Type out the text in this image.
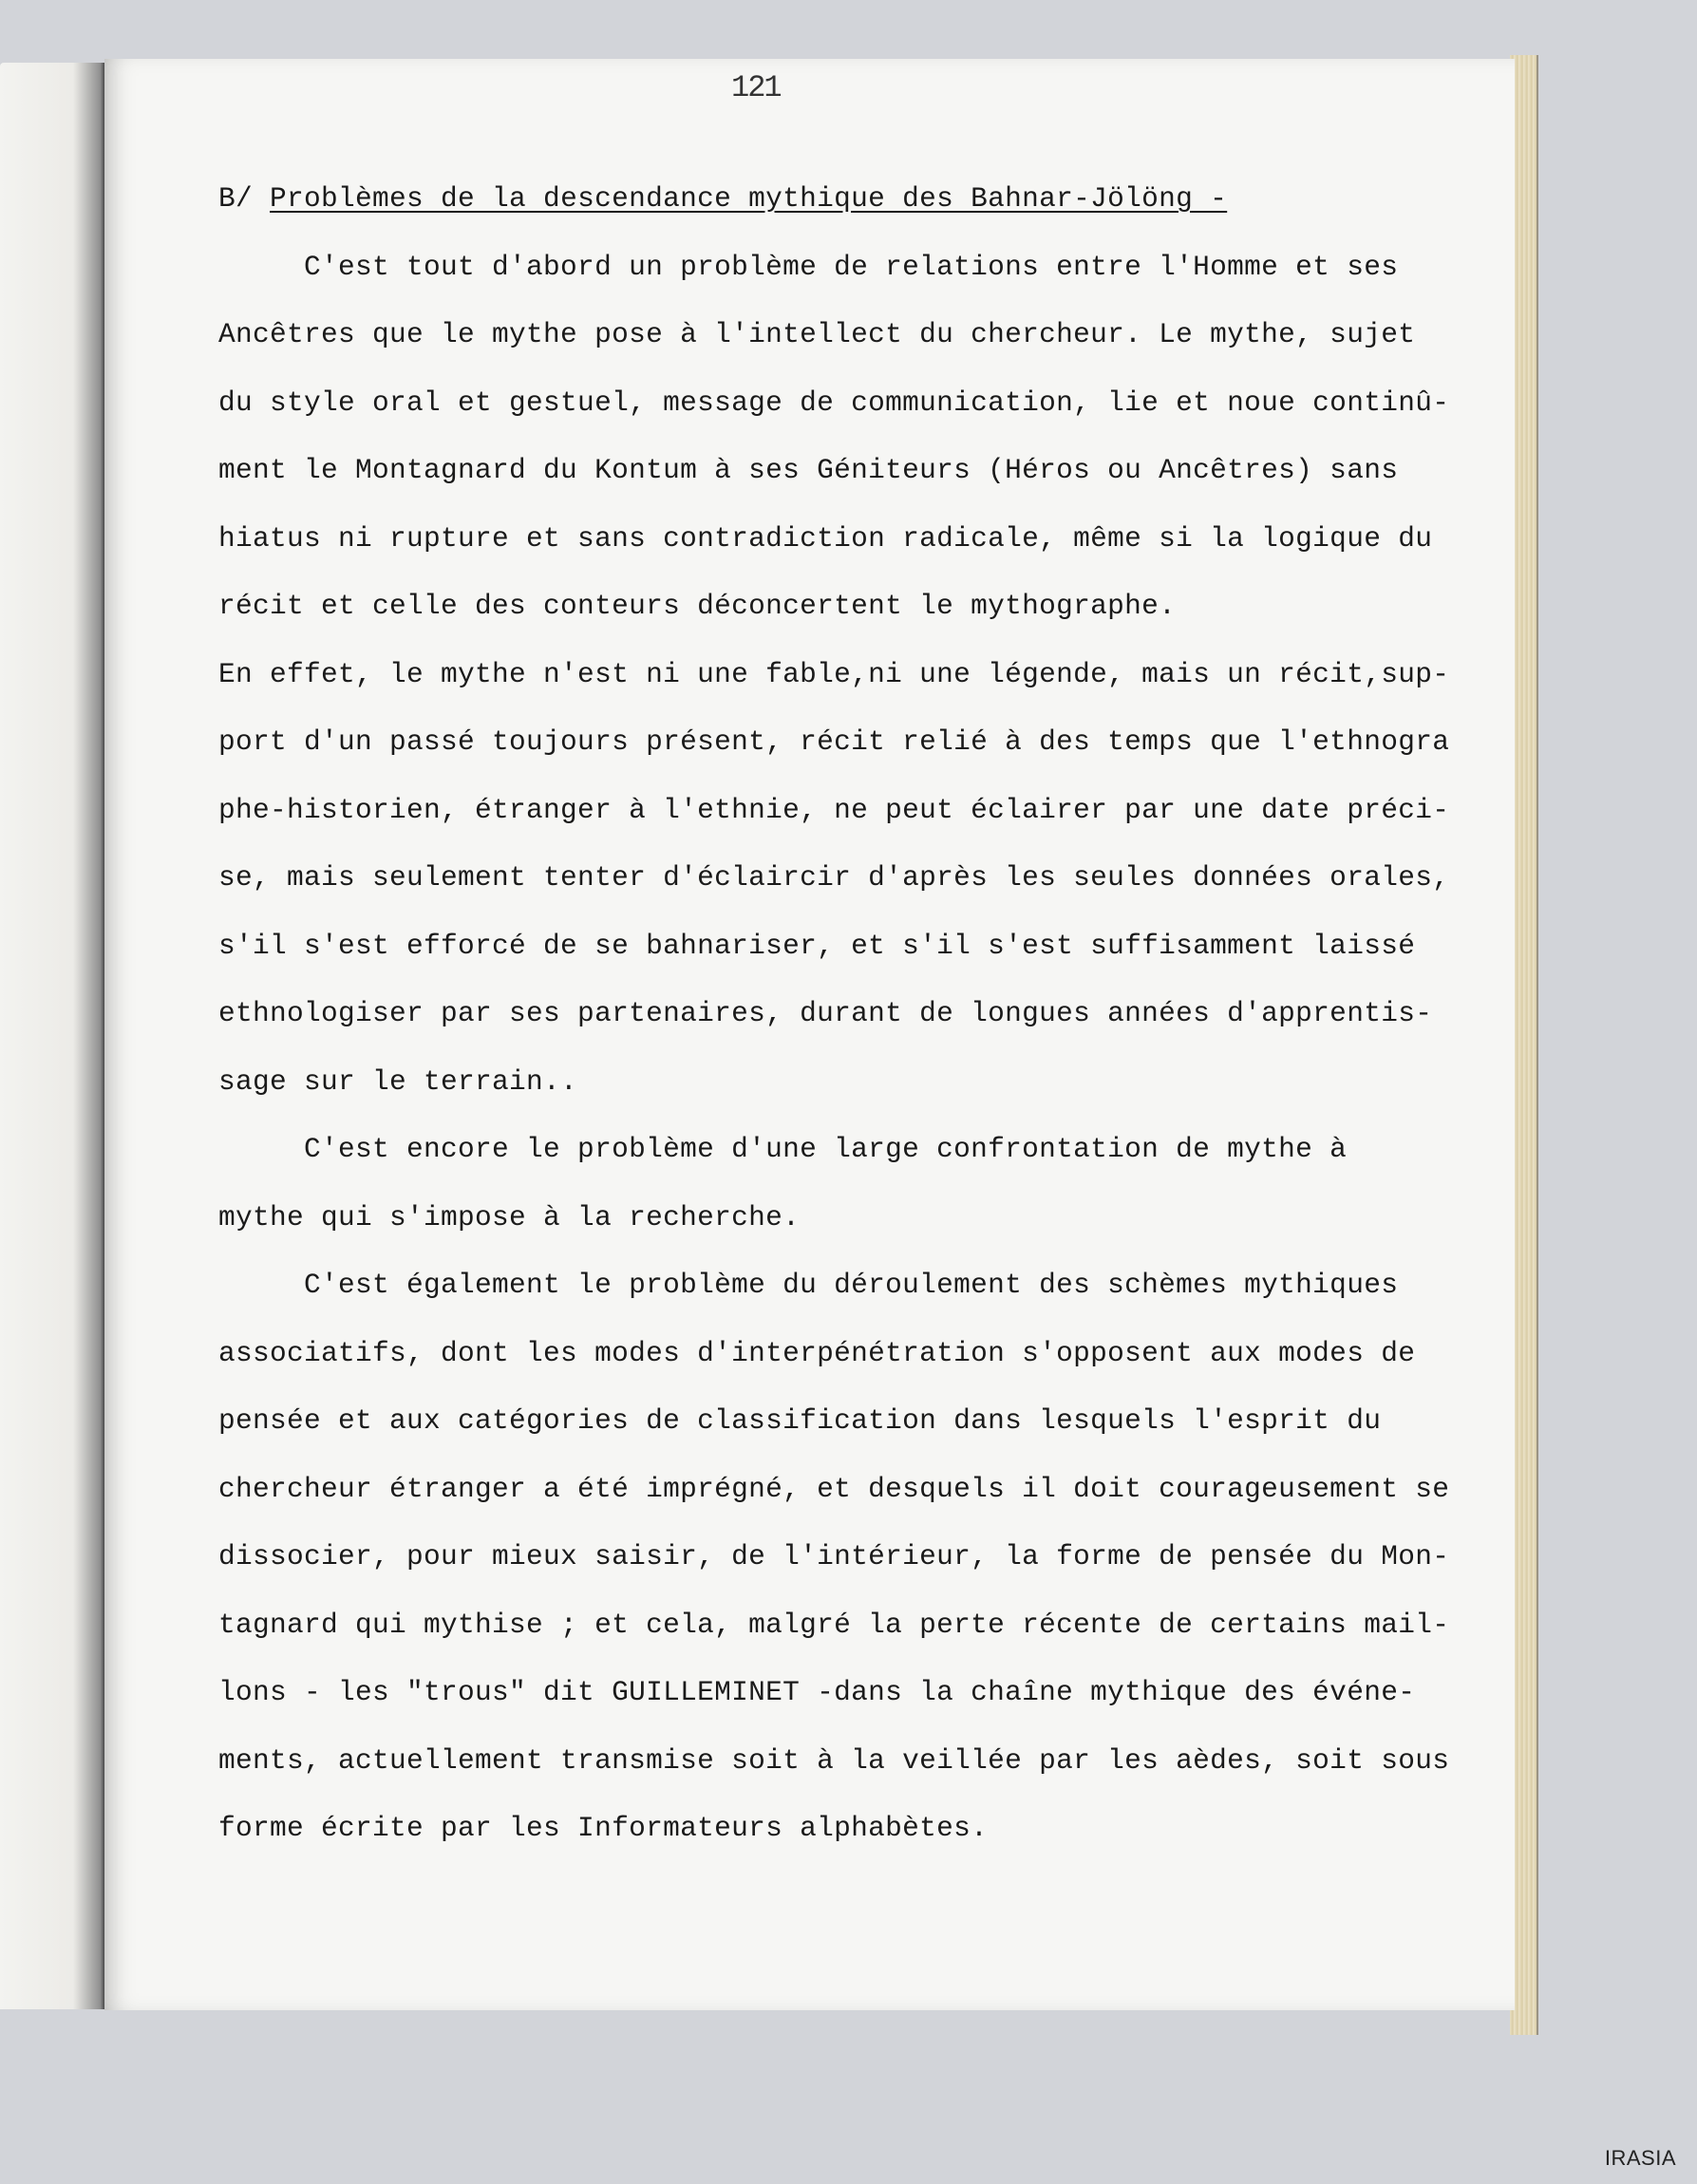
121
B/ Problèmes de la descendance mythique des Bahnar-Jölöng -
C'est tout d'abord un problème de relations entre l'Homme et ses
Ancêtres que le mythe pose à l'intellect du chercheur. Le mythe, sujet
du style oral et gestuel, message de communication, lie et noue continû-
ment le Montagnard du Kontum à ses Géniteurs (Héros ou Ancêtres) sans
hiatus ni rupture et sans contradiction radicale, même si la logique du
récit et celle des conteurs déconcertent le mythographe.
En effet, le mythe n'est ni une fable,ni une légende, mais un récit,sup-
port d'un passé toujours présent, récit relié à des temps que l'ethnogra
phe-historien, étranger à l'ethnie, ne peut éclairer par une date préci-
se, mais seulement tenter d'éclaircir d'après les seules données orales,
s'il s'est efforcé de se bahnariser, et s'il s'est suffisamment laissé
ethnologiser par ses partenaires, durant de longues années d'apprentis-
sage sur le terrain..
C'est encore le problème d'une large confrontation de mythe à
mythe qui s'impose à la recherche.
C'est également le problème du déroulement des schèmes mythiques
associatifs, dont les modes d'interpénétration s'opposent aux modes de
pensée et aux catégories de classification dans lesquels l'esprit du
chercheur étranger a été imprégné, et desquels il doit courageusement se
dissocier, pour mieux saisir, de l'intérieur, la forme de pensée du Mon-
tagnard qui mythise ; et cela, malgré la perte récente de certains mail-
lons - les "trous" dit GUILLEMINET -dans la chaîne mythique des événe-
ments, actuellement transmise soit à la veillée par les aèdes, soit sous
forme écrite par les Informateurs alphabètes.
IRASIA
